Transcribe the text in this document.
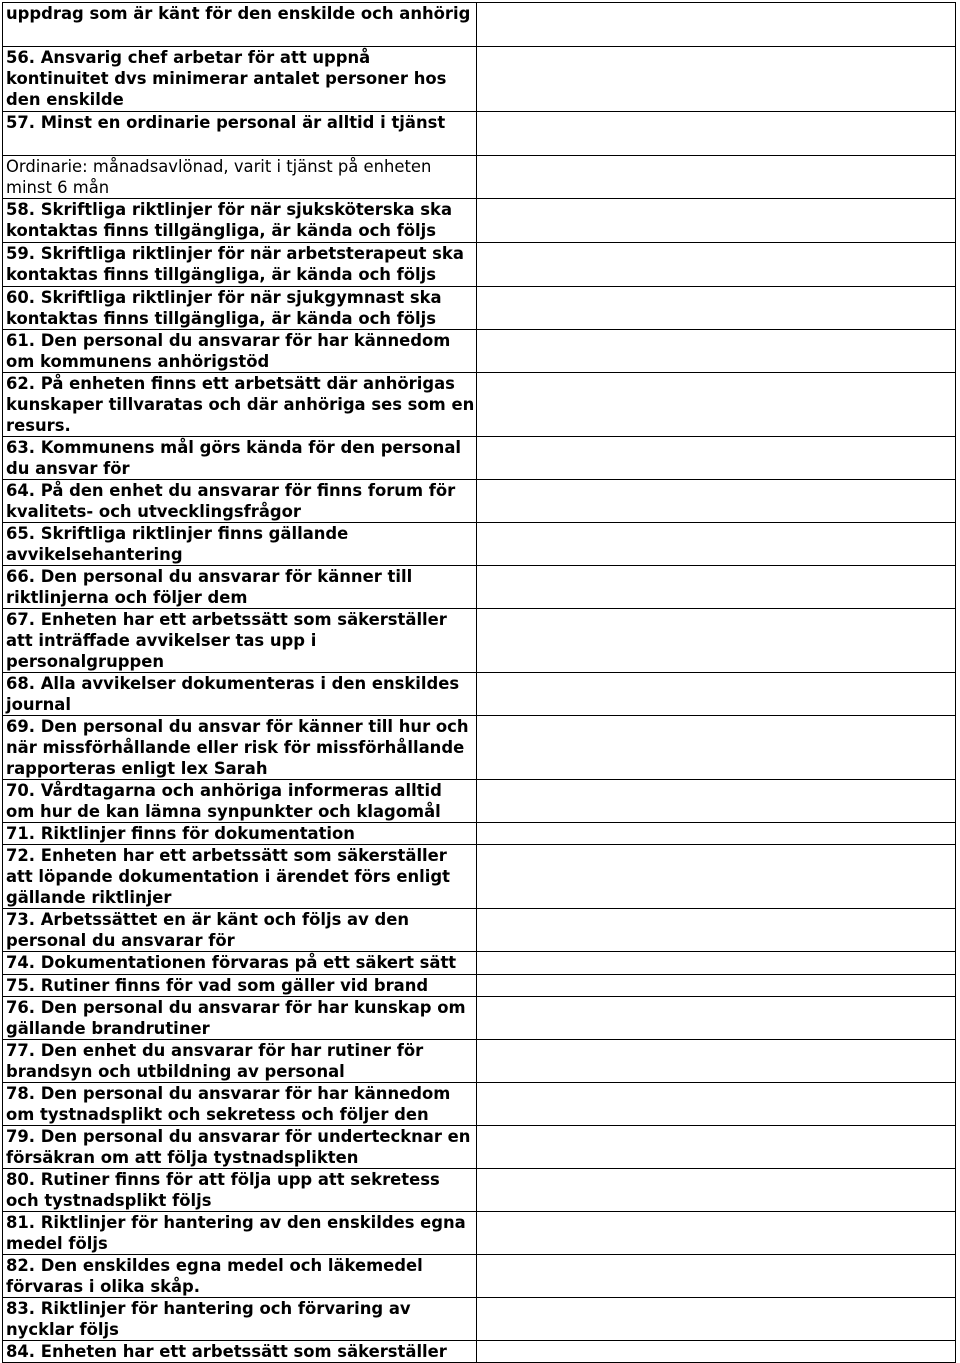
uppdrag som är känt för den enskilde och anhörig	
56. Ansvarig chef arbetar för att uppnå kontinuitet dvs minimerar antalet personer hos den enskilde	
57. Minst en ordinarie personal är alltid i tjänst	
Ordinarie: månadsavlönad, varit i tjänst på enheten minst 6 mån	
58. Skriftliga riktlinjer för när sjuksköterska ska kontaktas finns tillgängliga, är kända och följs	
59. Skriftliga riktlinjer för när arbetsterapeut ska kontaktas finns tillgängliga, är kända och följs	
60. Skriftliga riktlinjer för när sjukgymnast ska kontaktas finns tillgängliga, är kända och följs	
61. Den personal du ansvarar för har kännedom om kommunens anhörigstöd	
62. På enheten finns ett arbetsätt där anhörigas kunskaper tillvaratas och där anhöriga ses som en resurs.	
63. Kommunens mål görs kända för den personal du ansvar för	
64. På den enhet du ansvarar för finns forum för kvalitets- och utvecklingsfrågor	
65. Skriftliga riktlinjer finns gällande avvikelsehantering	
66. Den personal du ansvarar för känner till riktlinjerna och följer dem	
67. Enheten har ett arbetssätt som säkerställer att inträffade avvikelser tas upp i personalgruppen	
68. Alla avvikelser dokumenteras i den enskildes journal	
69. Den personal du ansvar för känner till hur och när missförhållande eller risk för missförhållande rapporteras enligt lex Sarah	
70. Vårdtagarna och anhöriga informeras alltid om hur de kan lämna synpunkter och klagomål	
71. Riktlinjer finns för dokumentation	
72. Enheten har ett arbetssätt som säkerställer att löpande dokumentation i ärendet förs enligt gällande riktlinjer	
73. Arbetssättet en är känt och följs av den personal du ansvarar för	
74. Dokumentationen förvaras på ett säkert sätt	
75. Rutiner finns för vad som gäller vid brand	
76. Den personal du ansvarar för har kunskap om gällande brandrutiner	
77. Den enhet du ansvarar för har rutiner för brandsyn och utbildning av personal	
78. Den personal du ansvarar för har kännedom om tystnadsplikt och sekretess och följer den	
79. Den personal du ansvarar för undertecknar en försäkran om att följa tystnadsplikten	
80. Rutiner finns för att följa upp att sekretess och tystnadsplikt följs	
81. Riktlinjer för hantering av den enskildes egna medel följs	
82. Den enskildes egna medel och läkemedel förvaras i olika skåp.	
83. Riktlinjer för hantering och förvaring av nycklar följs	
84. Enheten har ett arbetssätt som säkerställer	
